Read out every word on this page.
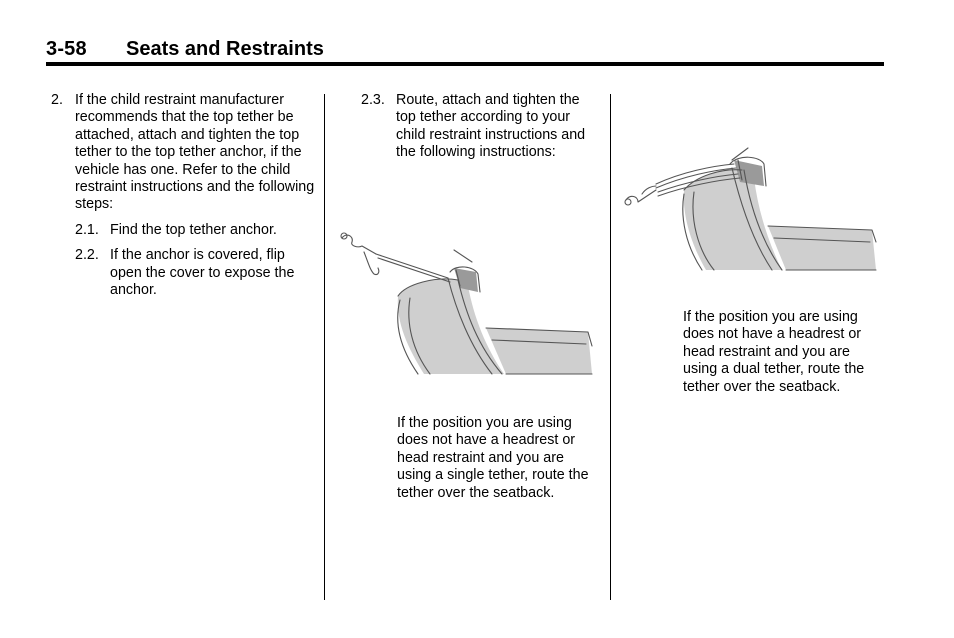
3-58 Seats and Restraints
2. If the child restraint manufacturer recommends that the top tether be attached, attach and tighten the top tether to the top tether anchor, if the vehicle has one. Refer to the child restraint instructions and the following steps:
2.1. Find the top tether anchor.
2.2. If the anchor is covered, flip open the cover to expose the anchor.
2.3. Route, attach and tighten the top tether according to your child restraint instructions and the following instructions:
If the position you are using does not have a headrest or head restraint and you are using a single tether, route the tether over the seatback.
If the position you are using does not have a headrest or head restraint and you are using a dual tether, route the tether over the seatback.
